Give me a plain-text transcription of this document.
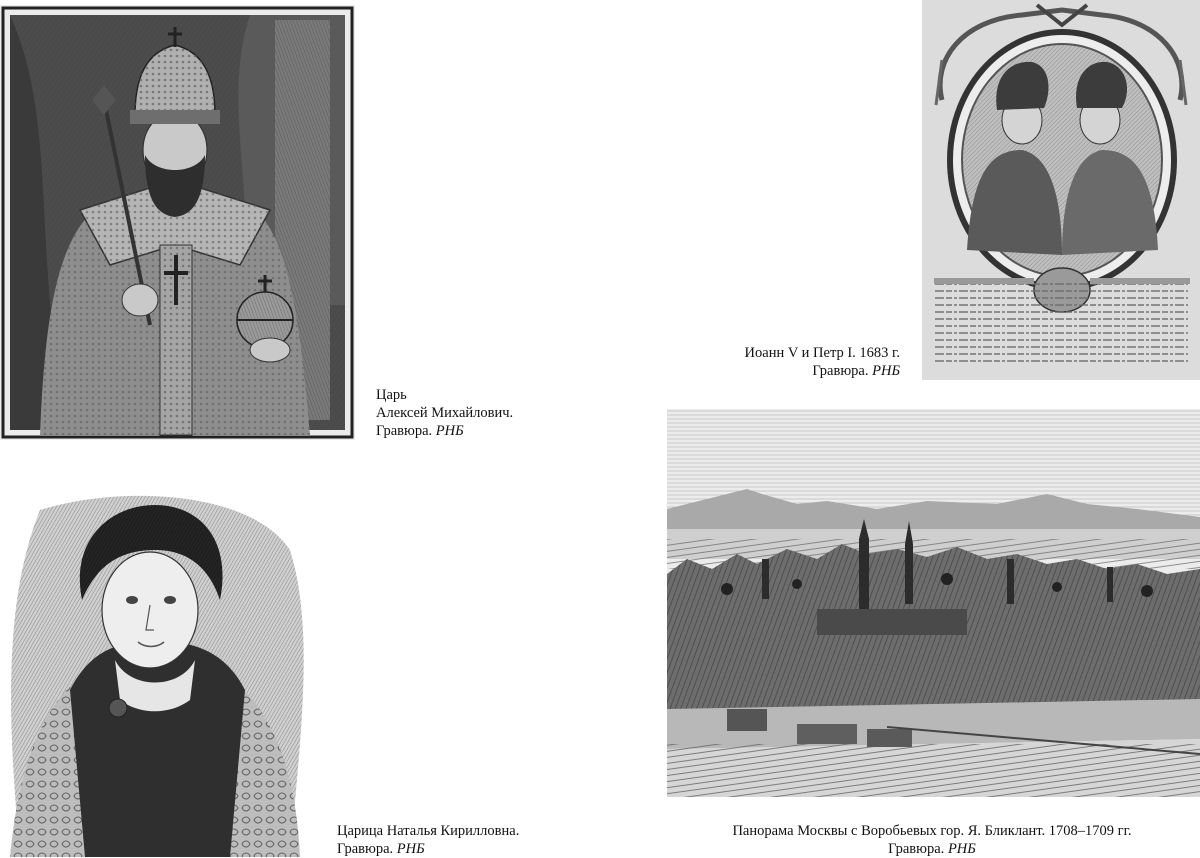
Царь
Алексей Михайлович.
Гравюра. РНБ
Иоанн V и Петр I. 1683 г.
Гравюра. РНБ
Царица Наталья Кирилловна.
Гравюра. РНБ
Панорама Москвы с Воробьевых гор. Я. Бликлант. 1708–1709 гг.
Гравюра. РНБ
